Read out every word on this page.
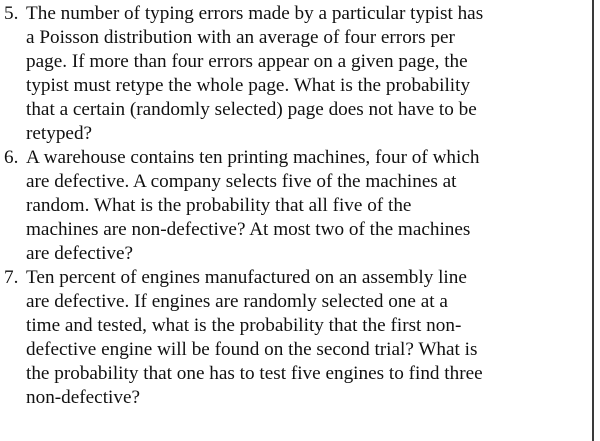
5. The number of typing errors made by a particular typist has
a Poisson distribution with an average of four errors per
page. If more than four errors appear on a given page, the
typist must retype the whole page. What is the probability
that a certain (randomly selected) page does not have to be
retyped?
6. A warehouse contains ten printing machines, four of which
are defective. A company selects five of the machines at
random. What is the probability that all five of the
machines are non-defective? At most two of the machines
are defective?
7. Ten percent of engines manufactured on an assembly line
are defective. If engines are randomly selected one at a
time and tested, what is the probability that the first non-
defective engine will be found on the second trial? What is
the probability that one has to test five engines to find three
non-defective?
